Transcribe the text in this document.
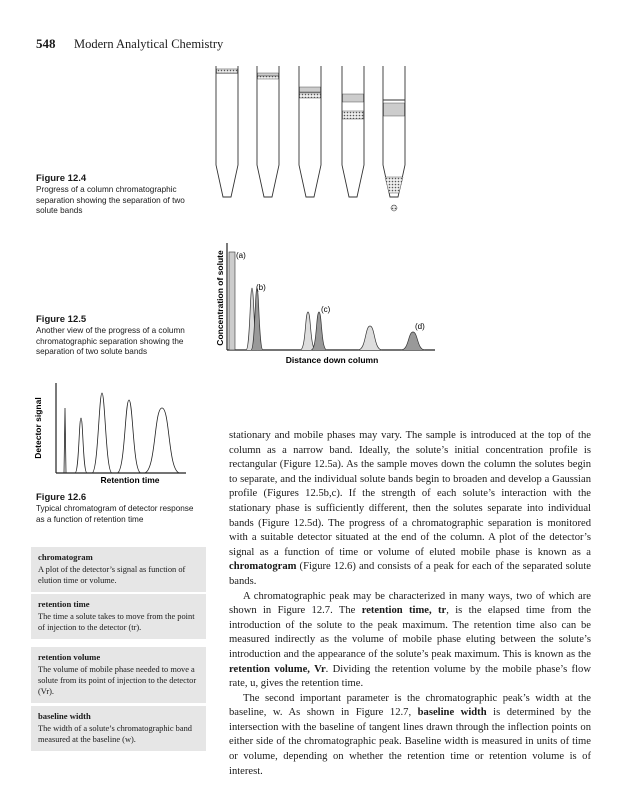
548 Modern Analytical Chemistry
Figure 12.4
Progress of a column chromatographic separation showing the separation of two solute bands
(a)
(b)
(c)
(d)
Concentration of solute
Distance down column
Figure 12.5
Another view of the progress of a column chromatographic separation showing the separation of two solute bands
Detector signal
Retention time
Figure 12.6
Typical chromatogram of detector response as a function of retention time
chromatogram
A plot of the detector’s signal as function of elution time or volume.
retention time
The time a solute takes to move from the point of injection to the detector (tr).
retention volume
The volume of mobile phase needed to move a solute from its point of injection to the detector (Vr).
baseline width
The width of a solute’s chromatographic band measured at the baseline (w).

stationary and mobile phases may vary. The sample is introduced at the top of the column as a narrow band. Ideally, the solute’s initial concentration profile is rectangular (Figure 12.5a). As the sample moves down the column the solutes begin to separate, and the individual solute bands begin to broaden and develop a Gaussian profile (Figures 12.5b,c). If the strength of each solute’s interaction with the stationary phase is sufficiently different, then the solutes separate into individual bands (Figure 12.5d). The progress of a chromatographic separation is monitored with a suitable detector situated at the end of the column. A plot of the detector’s signal as a function of time or volume of eluted mobile phase is known as a chromatogram (Figure 12.6) and consists of a peak for each of the separated solute bands.

A chromatographic peak may be characterized in many ways, two of which are shown in Figure 12.7. The retention time, tr, is the elapsed time from the introduction of the solute to the peak maximum. The retention time also can be measured indirectly as the volume of mobile phase eluting between the solute’s introduction and the appearance of the solute’s peak maximum. This is known as the retention volume, Vr. Dividing the retention volume by the mobile phase’s flow rate, u, gives the retention time.

The second important parameter is the chromatographic peak’s width at the baseline, w. As shown in Figure 12.7, baseline width is determined by the intersection with the baseline of tangent lines drawn through the inflection points on either side of the chromatographic peak. Baseline width is measured in units of time or volume, depending on whether the retention time or retention volume is of interest.
